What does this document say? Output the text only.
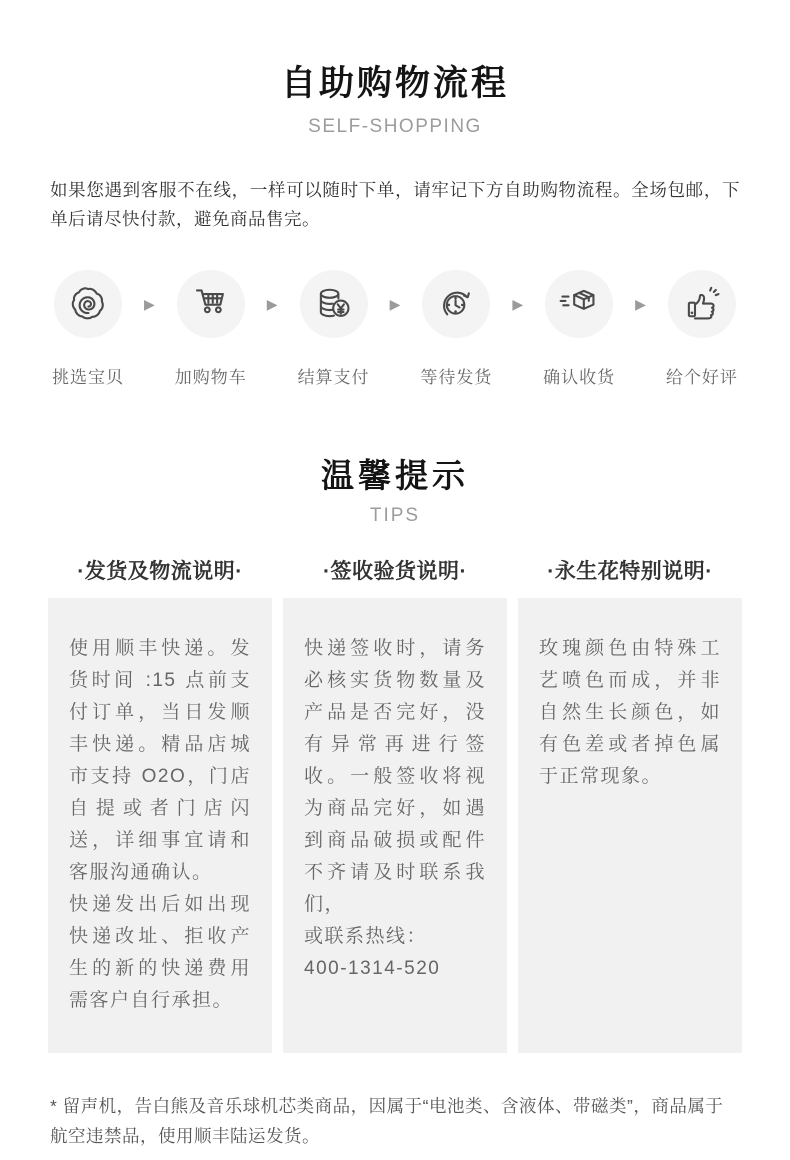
自助购物流程
SELF-SHOPPING
如果您遇到客服不在线，一样可以随时下单，请牢记下方自助购物流程。全场包邮，下单后请尽快付款，避免商品售完。
挑选宝贝
▶
加购物车
▶
结算支付
▶
等待发货
▶
确认收货
▶
给个好评
温馨提示
TIPS
·发货及物流说明·

使用顺丰快递。发货时间 :15 点前支付订单，当日发顺丰快递。精品店城市支持 O2O，门店自提或者门店闪送，详细事宜请和客服沟通确认。

快递发出后如出现快递改址、拒收产生的新的快递费用需客户自行承担。

·签收验货说明·

快递签收时，请务必核实货物数量及产品是否完好，没有异常再进行签收。一般签收将视为商品完好，如遇到商品破损或配件不齐请及时联系我们，

或联系热线：

400-1314-520

·永生花特别说明·

玫瑰颜色由特殊工艺喷色而成，并非自然生长颜色，如有色差或者掉色属于正常现象。

* 留声机，告白熊及音乐球机芯类商品，因属于“电池类、含液体、带磁类”，商品属于航空违禁品，使用顺丰陆运发货。
